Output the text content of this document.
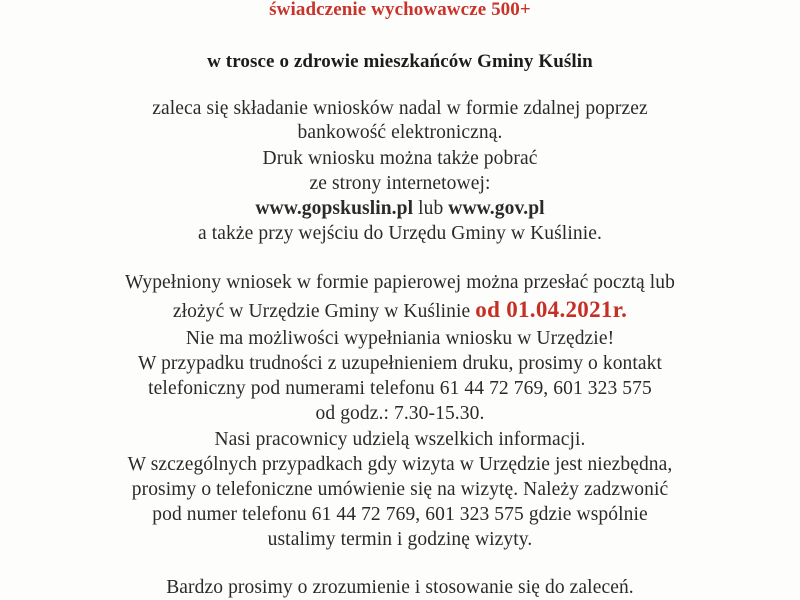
świadczenie wychowawcze 500+
w trosce o zdrowie mieszkańców Gminy Kuślin
zaleca się składanie wniosków nadal w formie zdalnej poprzez
bankowość elektroniczną.
Druk wniosku można także pobrać
ze strony internetowej:
www.gopskuslin.pl lub www.gov.pl
a także przy wejściu do Urzędu Gminy w Kuślinie.
Wypełniony wniosek w formie papierowej można przesłać pocztą lub
złożyć w Urzędzie Gminy w Kuślinie od 01.04.2021r.
Nie ma możliwości wypełniania wniosku w Urzędzie!
W przypadku trudności z uzupełnieniem druku, prosimy o kontakt
telefoniczny pod numerami telefonu 61 44 72 769, 601 323 575
od godz.: 7.30-15.30.
Nasi pracownicy udzielą wszelkich informacji.
W szczególnych przypadkach gdy wizyta w Urzędzie jest niezbędna,
prosimy o telefoniczne umówienie się na wizytę. Należy zadzwonić
pod numer telefonu 61 44 72 769, 601 323 575 gdzie wspólnie
ustalimy termin i godzinę wizyty.
Bardzo prosimy o zrozumienie i stosowanie się do zaleceń.
